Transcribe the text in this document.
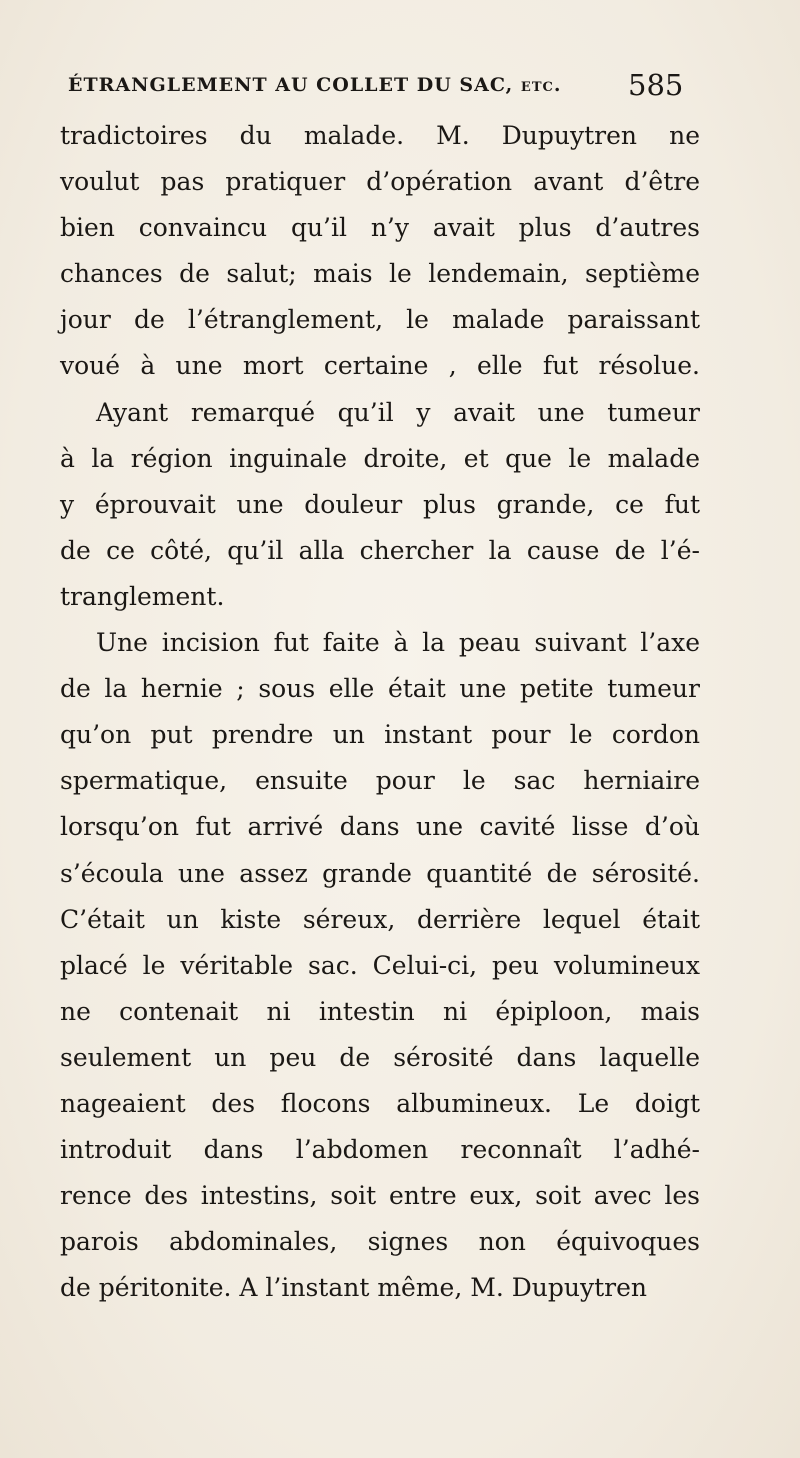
ÉTRANGLEMENT AU COLLET DU SAC, etc. 585
tradictoires du malade. M. Dupuytren ne
voulut pas pratiquer d’opération avant d’être
bien convaincu qu’il n’y avait plus d’autres
chances de salut; mais le lendemain, septième
jour de l’étranglement, le malade paraissant
voué à une mort certaine , elle fut résolue.
Ayant remarqué qu’il y avait une tumeur
à la région inguinale droite, et que le malade
y éprouvait une douleur plus grande, ce fut
de ce côté, qu’il alla chercher la cause de l’é-
tranglement.
Une incision fut faite à la peau suivant l’axe
de la hernie ; sous elle était une petite tumeur
qu’on put prendre un instant pour le cordon
spermatique, ensuite pour le sac herniaire
lorsqu’on fut arrivé dans une cavité lisse d’où
s’écoula une assez grande quantité de sérosité.
C’était un kiste séreux, derrière lequel était
placé le véritable sac. Celui-ci, peu volumineux
ne contenait ni intestin ni épiploon, mais
seulement un peu de sérosité dans laquelle
nageaient des flocons albumineux. Le doigt
introduit dans l’abdomen reconnaît l’adhé-
rence des intestins, soit entre eux, soit avec les
parois abdominales, signes non équivoques
de péritonite. A l’instant même, M. Dupuytren
